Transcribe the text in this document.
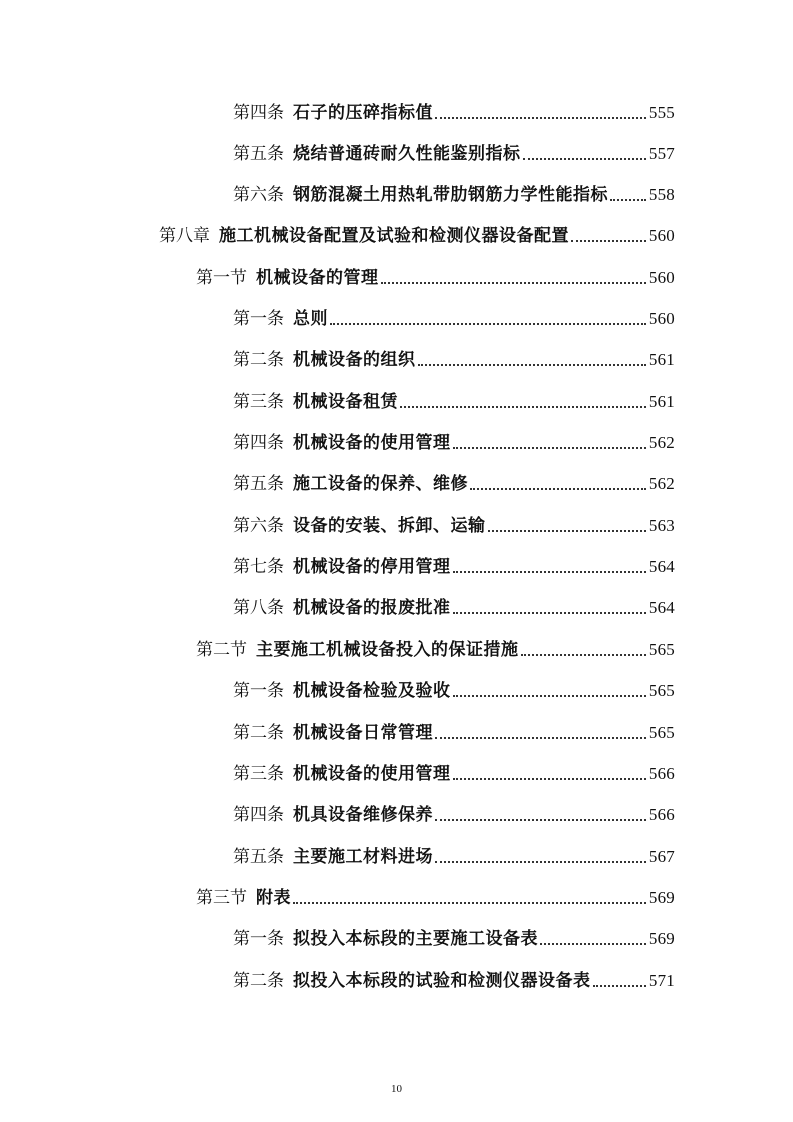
第四条 石子的压碎指标值	555
第五条 烧结普通砖耐久性能鉴别指标	557
第六条 钢筋混凝土用热轧带肋钢筋力学性能指标 558
第八章 施工机械设备配置及试验和检测仪器设备配置	560
第一节 机械设备的管理	560
第一条 总则	560
第二条 机械设备的组织	561
第三条 机械设备租赁	561
第四条 机械设备的使用管理	562
第五条 施工设备的保养、维修	562
第六条 设备的安装、拆卸、运输	563
第七条 机械设备的停用管理	564
第八条 机械设备的报废批准	564
第二节 主要施工机械设备投入的保证措施	565
第一条 机械设备检验及验收	565
第二条 机械设备日常管理	565
第三条 机械设备的使用管理	566
第四条 机具设备维修保养	566
第五条 主要施工材料进场	567
第三节 附表	569
第一条 拟投入本标段的主要施工设备表	569
第二条 拟投入本标段的试验和检测仪器设备表	571
10
